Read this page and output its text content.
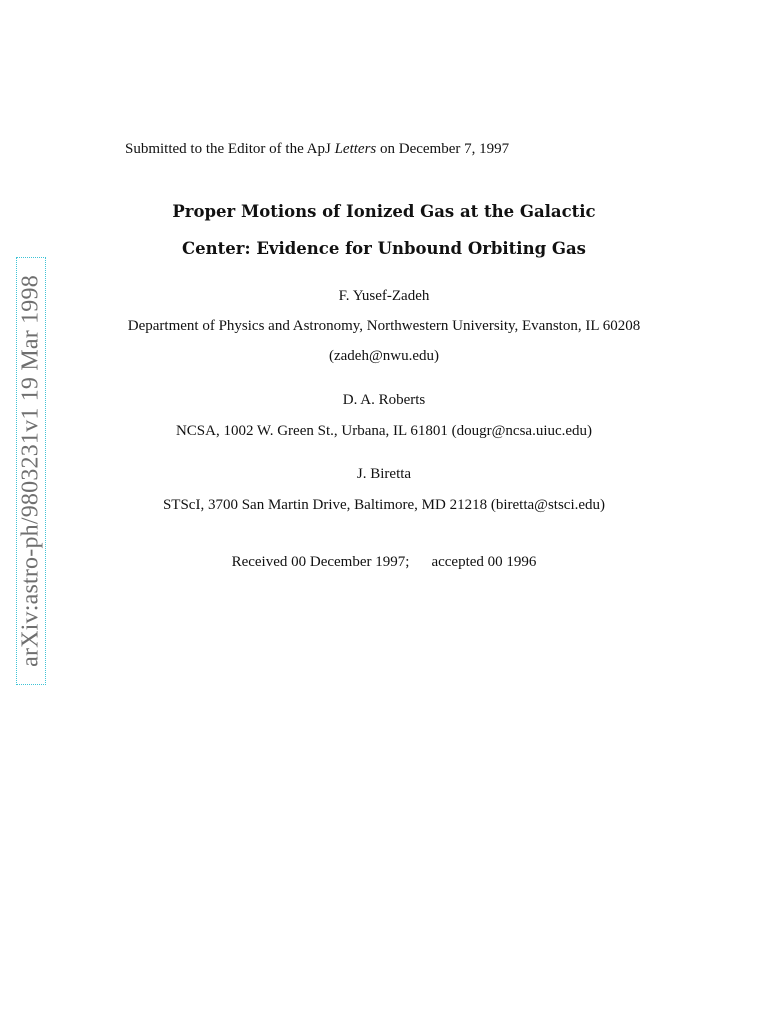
arXiv:astro-ph/9803231v1 19 Mar 1998
Submitted to the Editor of the ApJ Letters on December 7, 1997
Proper Motions of Ionized Gas at the Galactic
Center: Evidence for Unbound Orbiting Gas
F. Yusef-Zadeh
Department of Physics and Astronomy, Northwestern University, Evanston, IL 60208
(zadeh@nwu.edu)
D. A. Roberts
NCSA, 1002 W. Green St., Urbana, IL 61801 (dougr@ncsa.uiuc.edu)
J. Biretta
STScI, 3700 San Martin Drive, Baltimore, MD 21218 (biretta@stsci.edu)
Received 00 December 1997; accepted 00 1996
